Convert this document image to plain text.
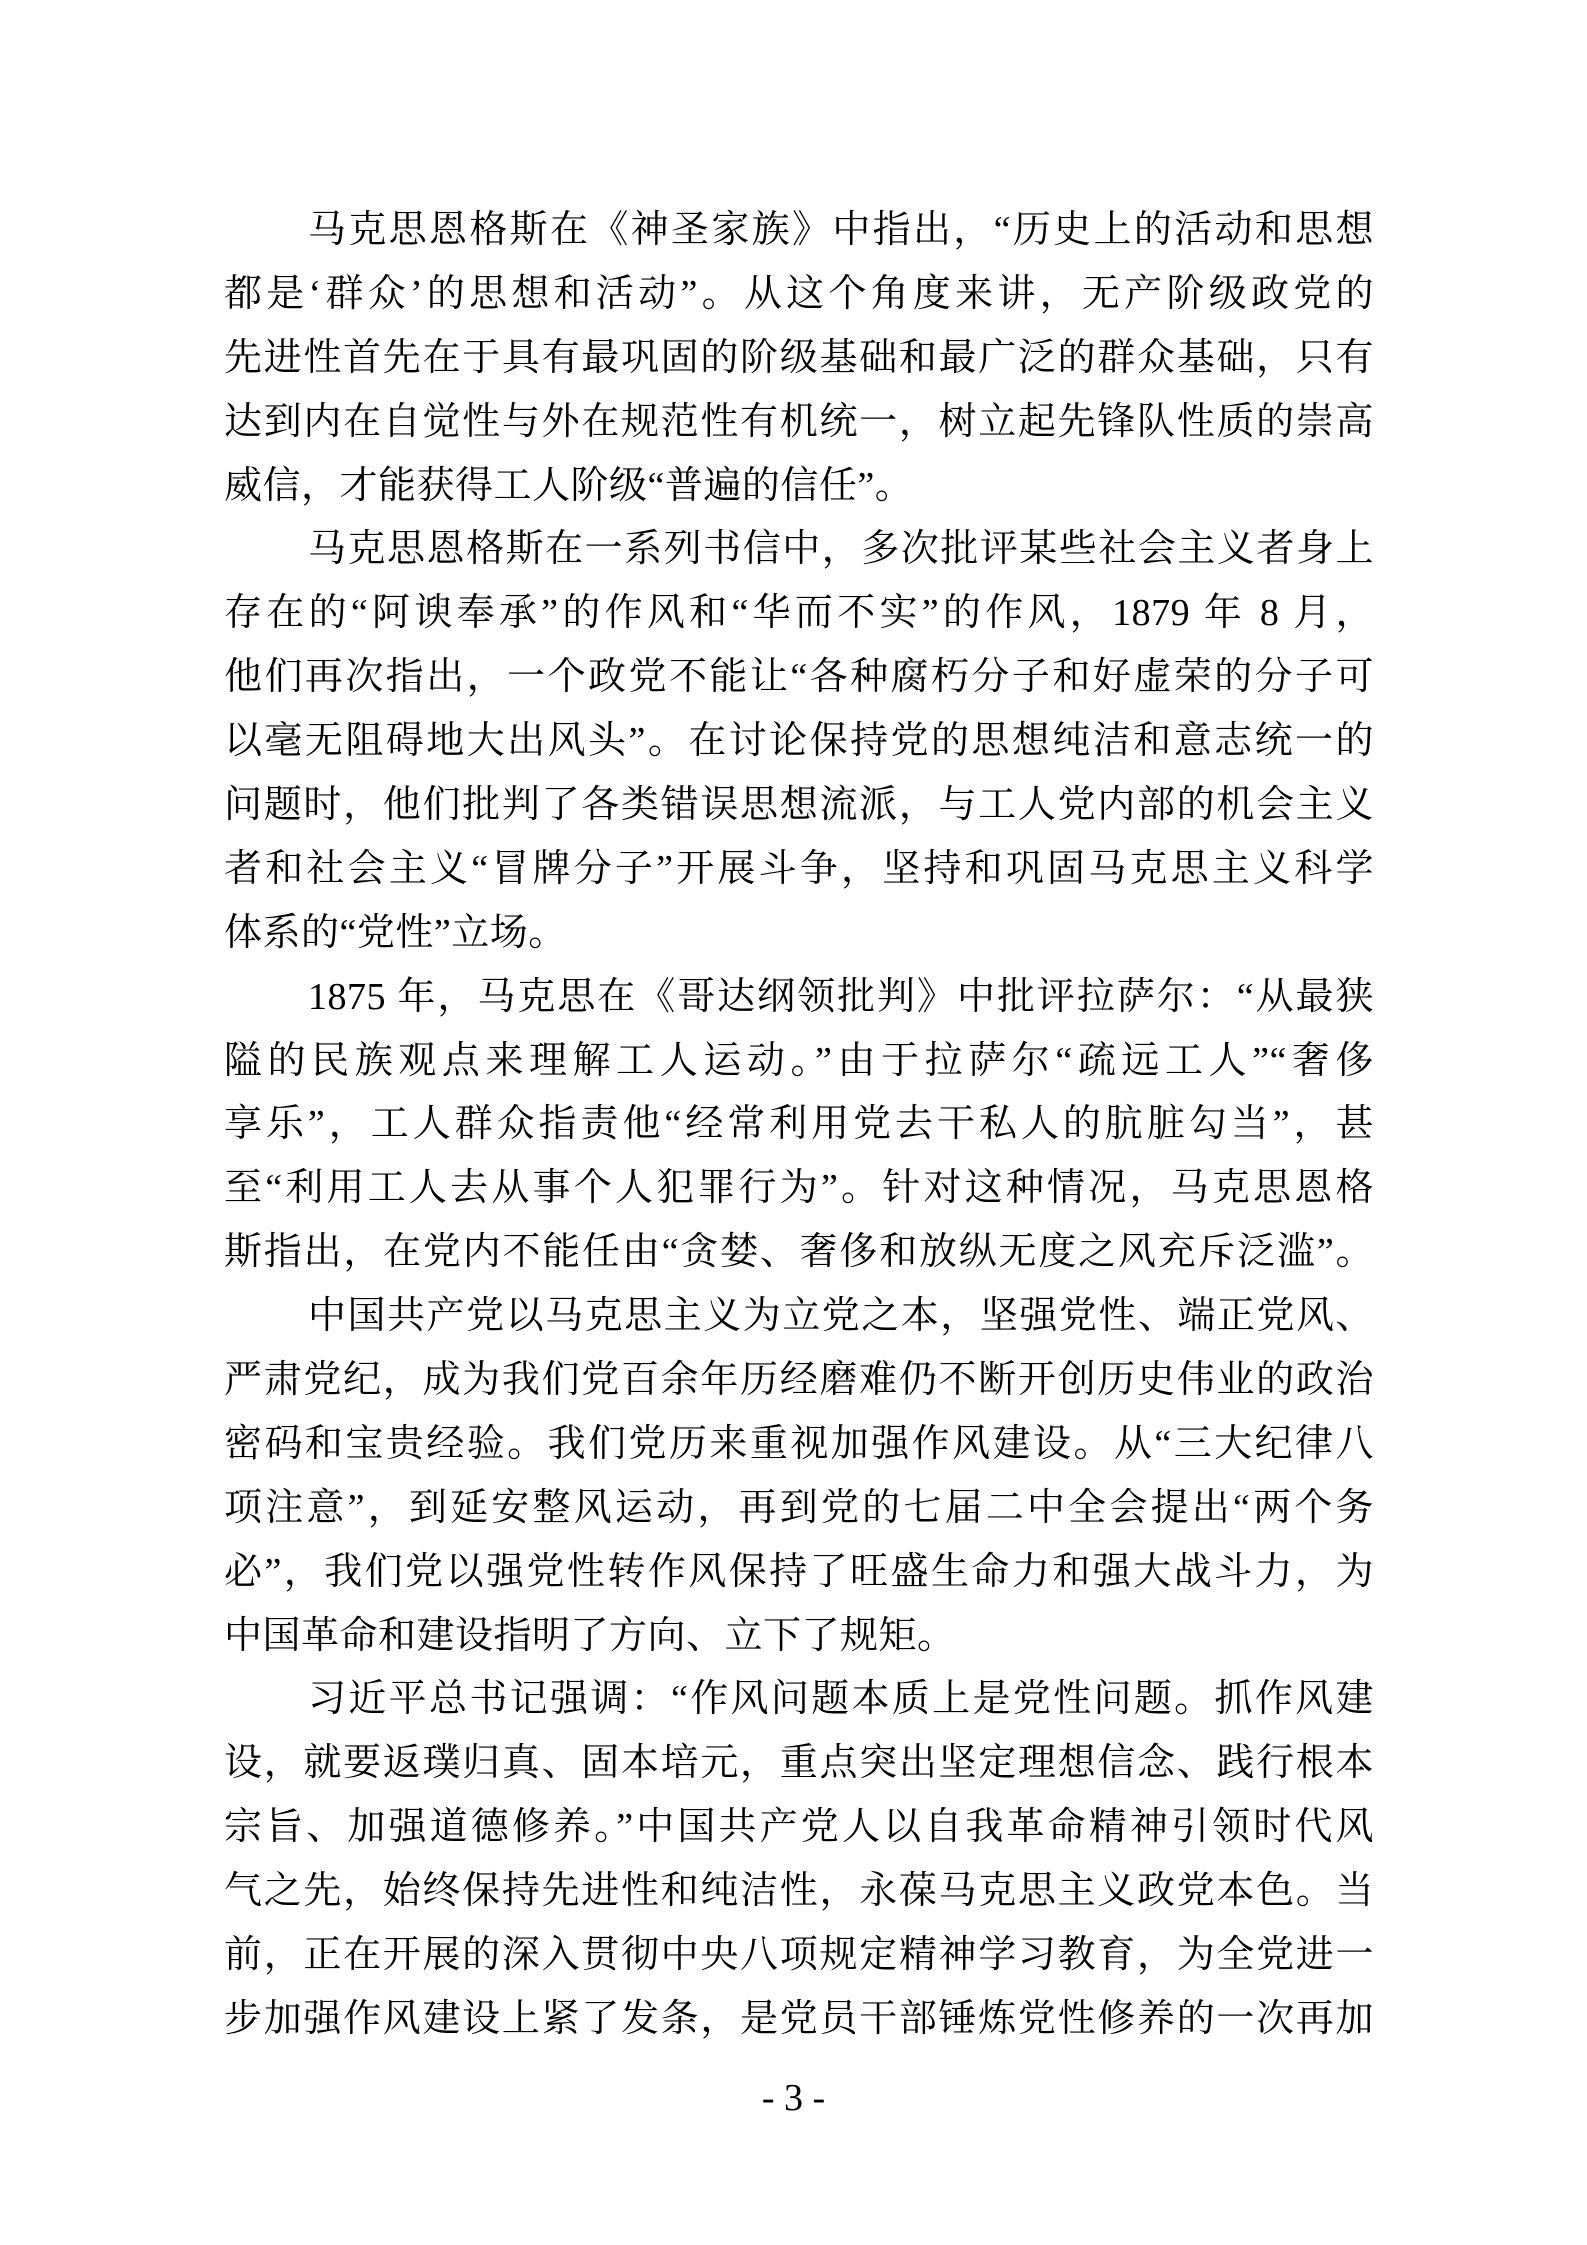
马克思恩格斯在《神圣家族》中指出，“历史上的活动和思想
都是‘群众’的思想和活动”。从这个角度来讲，无产阶级政党的
先进性首先在于具有最巩固的阶级基础和最广泛的群众基础，只有
达到内在自觉性与外在规范性有机统一，树立起先锋队性质的崇高
威信，才能获得工人阶级“普遍的信任”。
马克思恩格斯在一系列书信中，多次批评某些社会主义者身上
存在的“阿谀奉承”的作风和“华而不实”的作风，1879 年 8 月，
他们再次指出，一个政党不能让“各种腐朽分子和好虚荣的分子可
以毫无阻碍地大出风头”。在讨论保持党的思想纯洁和意志统一的
问题时，他们批判了各类错误思想流派，与工人党内部的机会主义
者和社会主义“冒牌分子”开展斗争，坚持和巩固马克思主义科学
体系的“党性”立场。
1875 年，马克思在《哥达纲领批判》中批评拉萨尔：“从最狭
隘的民族观点来理解工人运动。”由于拉萨尔“疏远工人”“奢侈
享乐”，工人群众指责他“经常利用党去干私人的肮脏勾当”，甚
至“利用工人去从事个人犯罪行为”。针对这种情况，马克思恩格
斯指出，在党内不能任由“贪婪、奢侈和放纵无度之风充斥泛滥”。
中国共产党以马克思主义为立党之本，坚强党性、端正党风、
严肃党纪，成为我们党百余年历经磨难仍不断开创历史伟业的政治
密码和宝贵经验。我们党历来重视加强作风建设。从“三大纪律八
项注意”，到延安整风运动，再到党的七届二中全会提出“两个务
必”，我们党以强党性转作风保持了旺盛生命力和强大战斗力，为
中国革命和建设指明了方向、立下了规矩。
习近平总书记强调：“作风问题本质上是党性问题。抓作风建
设，就要返璞归真、固本培元，重点突出坚定理想信念、践行根本
宗旨、加强道德修养。”中国共产党人以自我革命精神引领时代风
气之先，始终保持先进性和纯洁性，永葆马克思主义政党本色。当
前，正在开展的深入贯彻中央八项规定精神学习教育，为全党进一
步加强作风建设上紧了发条，是党员干部锤炼党性修养的一次再加
- 3 -
